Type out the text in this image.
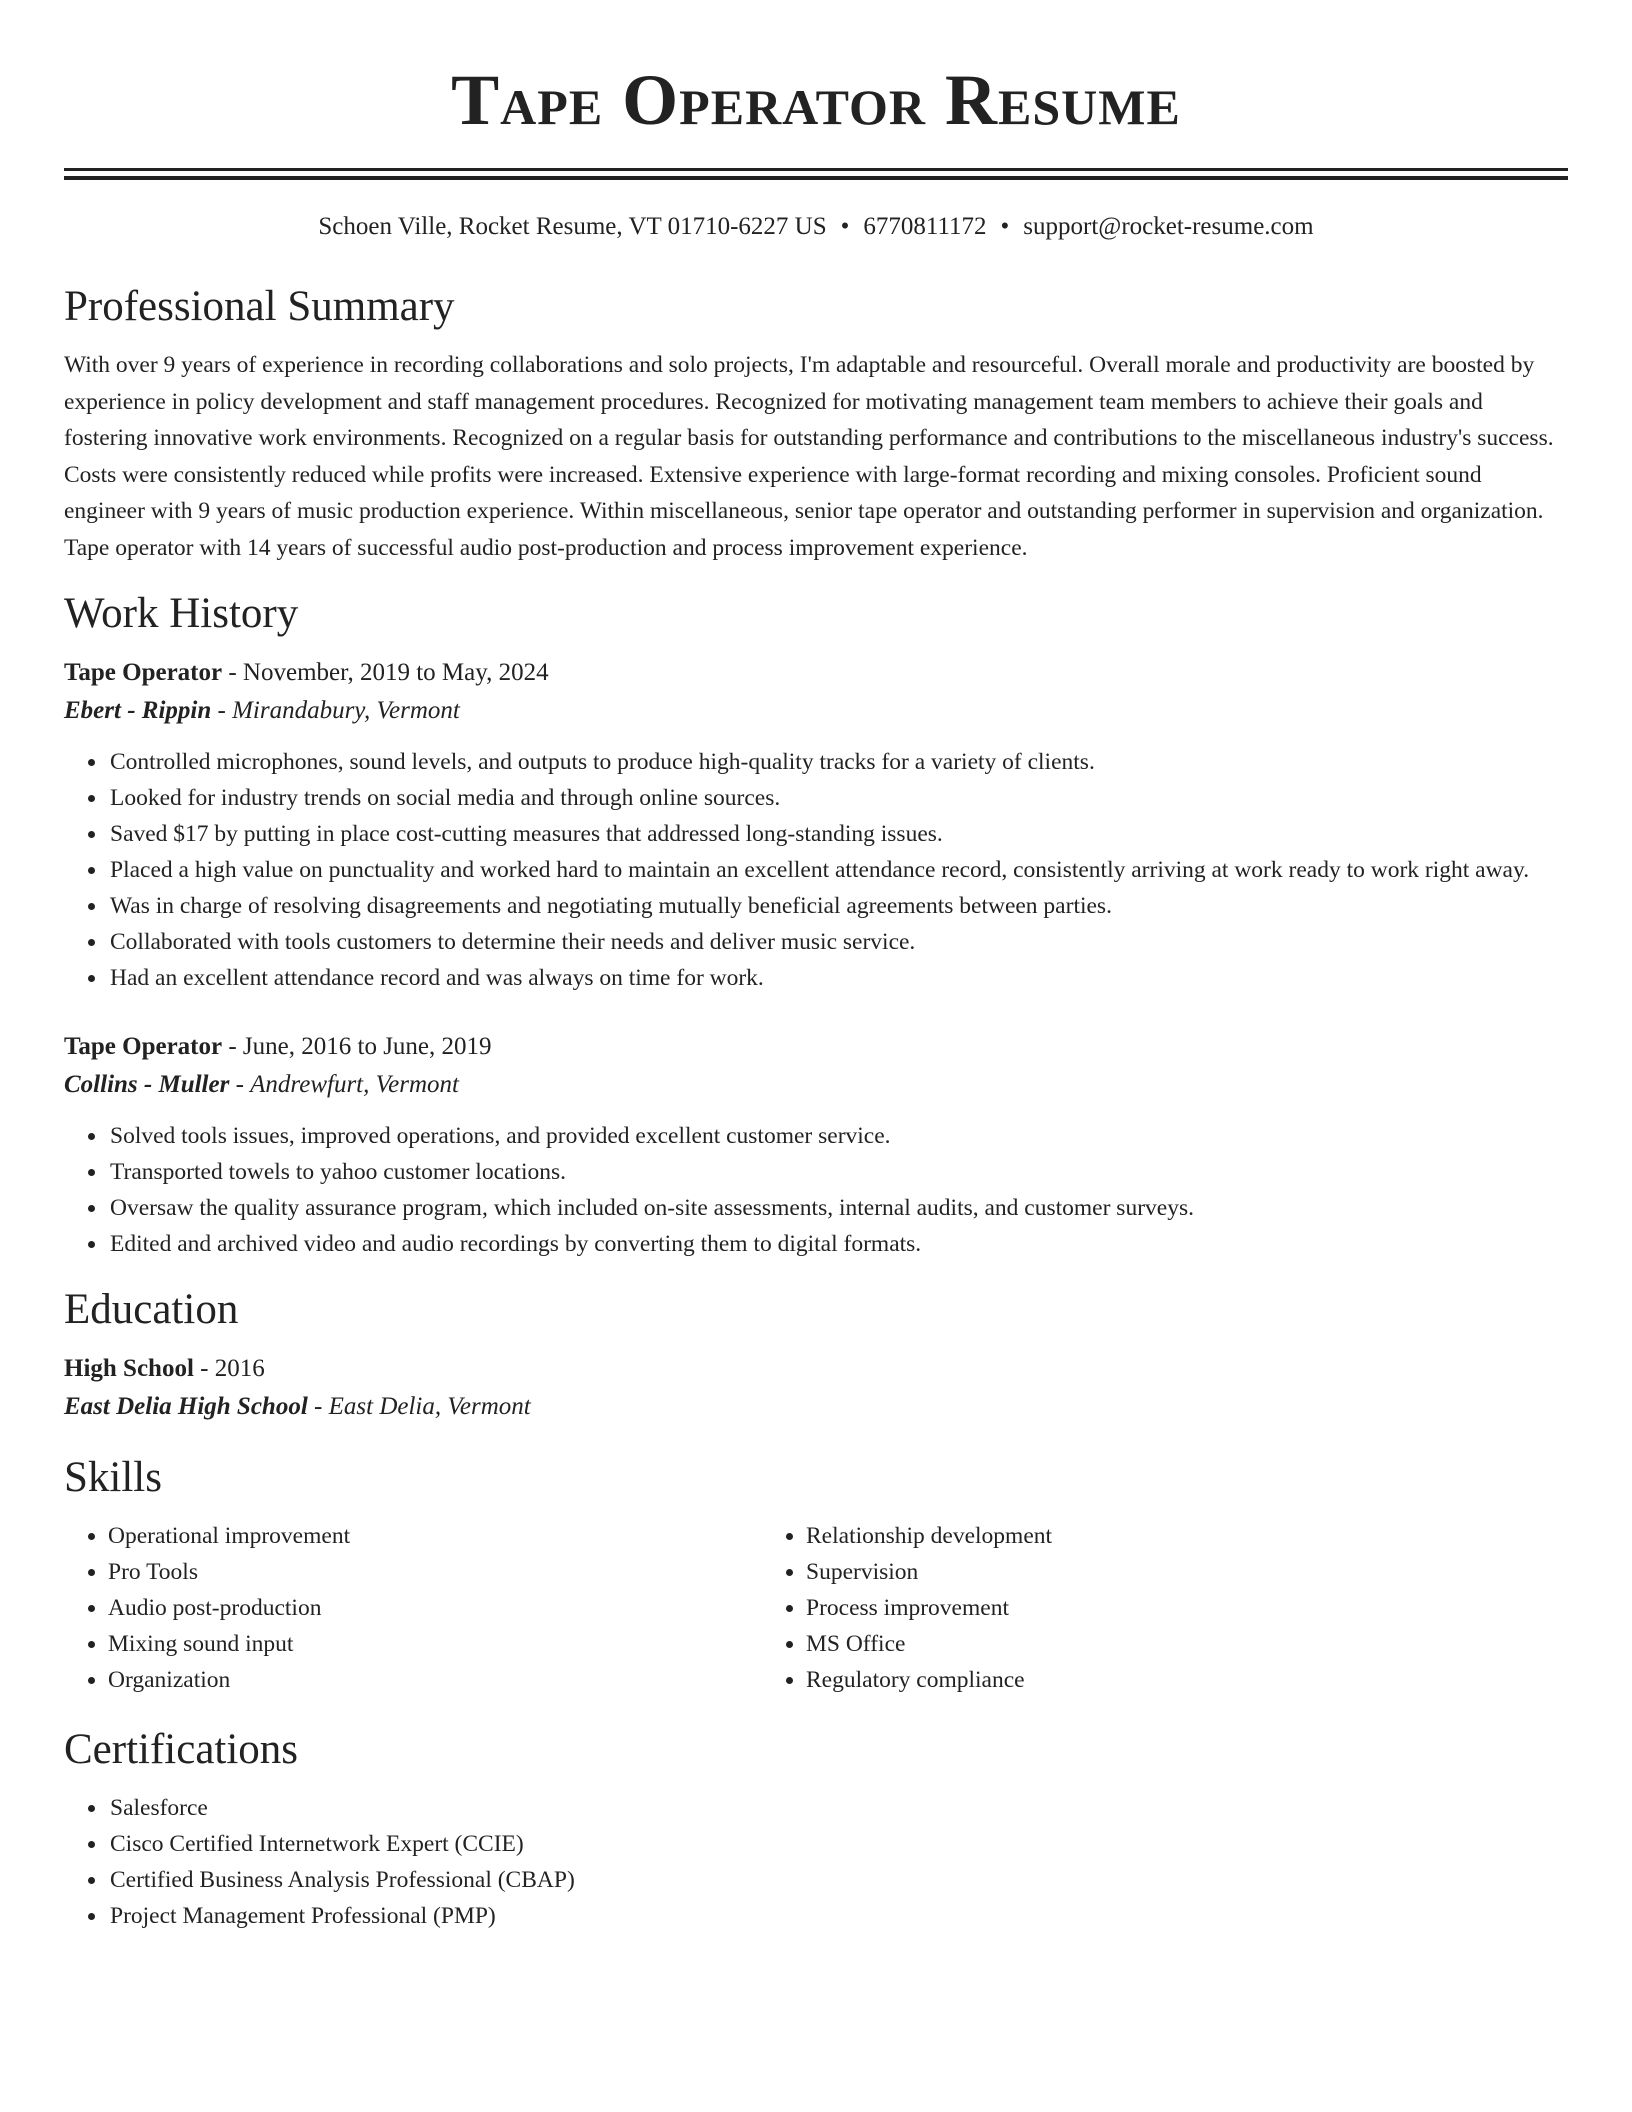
Tape Operator Resume
Schoen Ville, Rocket Resume, VT 01710-6227 US • 6770811172 • support@rocket-resume.com
Professional Summary

With over 9 years of experience in recording collaborations and solo projects, I'm adaptable and resourceful. Overall morale and productivity are boosted by experience in policy development and staff management procedures. Recognized for motivating management team members to achieve their goals and fostering innovative work environments. Recognized on a regular basis for outstanding performance and contributions to the miscellaneous industry's success. Costs were consistently reduced while profits were increased. Extensive experience with large-format recording and mixing consoles. Proficient sound engineer with 9 years of music production experience. Within miscellaneous, senior tape operator and outstanding performer in supervision and organization. Tape operator with 14 years of successful audio post-production and process improvement experience.

Work History
Tape Operator - November, 2019 to May, 2024
Ebert - Rippin - Mirandabury, Vermont
• Controlled microphones, sound levels, and outputs to produce high-quality tracks for a variety of clients.
• Looked for industry trends on social media and through online sources.
• Saved $17 by putting in place cost-cutting measures that addressed long-standing issues.
• Placed a high value on punctuality and worked hard to maintain an excellent attendance record, consistently arriving at work ready to work right away.
• Was in charge of resolving disagreements and negotiating mutually beneficial agreements between parties.
• Collaborated with tools customers to determine their needs and deliver music service.
• Had an excellent attendance record and was always on time for work.
Tape Operator - June, 2016 to June, 2019
Collins - Muller - Andrewfurt, Vermont
• Solved tools issues, improved operations, and provided excellent customer service.
• Transported towels to yahoo customer locations.
• Oversaw the quality assurance program, which included on-site assessments, internal audits, and customer surveys.
• Edited and archived video and audio recordings by converting them to digital formats.
Education
High School - 2016
East Delia High School - East Delia, Vermont
Skills
• Operational improvement
• Pro Tools
• Audio post-production
• Mixing sound input
• Organization
• Relationship development
• Supervision
• Process improvement
• MS Office
• Regulatory compliance
Certifications
• Salesforce
• Cisco Certified Internetwork Expert (CCIE)
• Certified Business Analysis Professional (CBAP)
• Project Management Professional (PMP)
